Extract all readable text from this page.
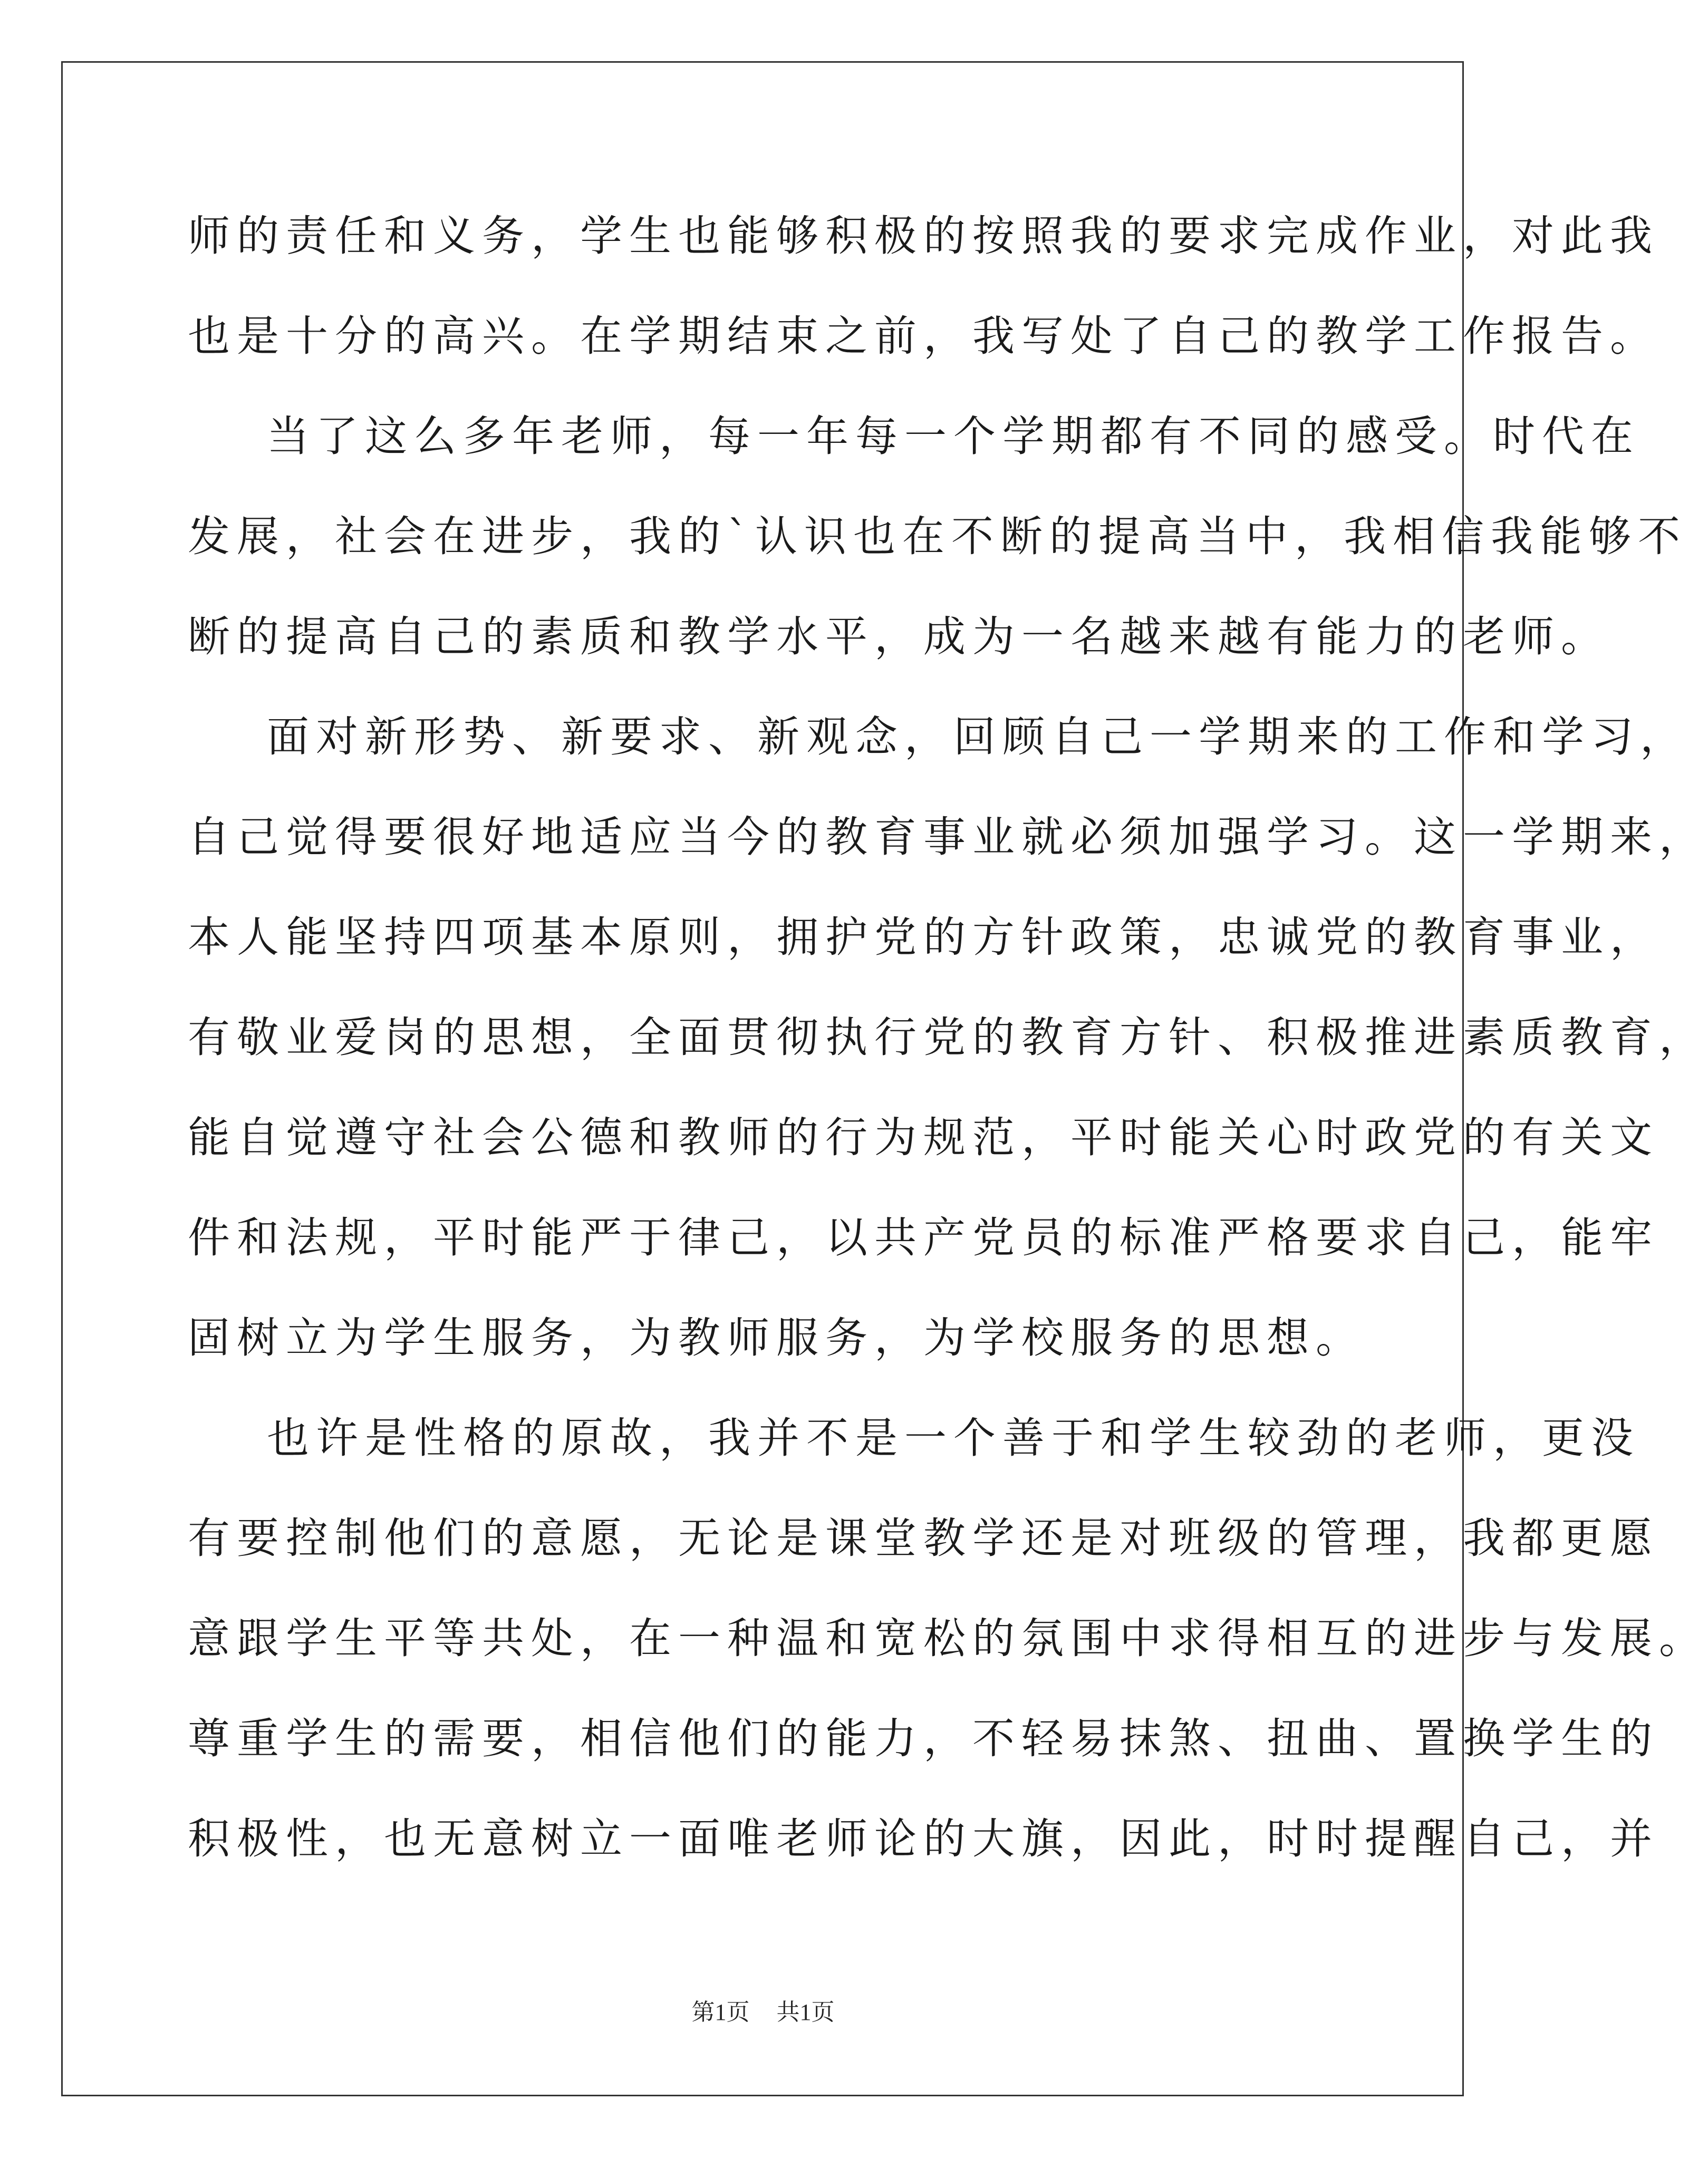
师的责任和义务，学生也能够积极的按照我的要求完成作业，对此我
也是十分的高兴。在学期结束之前，我写处了自己的教学工作报告。
当了这么多年老师，每一年每一个学期都有不同的感受。时代在
发展，社会在进步，我的`认识也在不断的提高当中，我相信我能够不
断的提高自己的素质和教学水平，成为一名越来越有能力的老师。
面对新形势、新要求、新观念，回顾自己一学期来的工作和学习，
自己觉得要很好地适应当今的教育事业就必须加强学习。这一学期来，
本人能坚持四项基本原则，拥护党的方针政策，忠诚党的教育事业，
有敬业爱岗的思想，全面贯彻执行党的教育方针、积极推进素质教育，
能自觉遵守社会公德和教师的行为规范，平时能关心时政党的有关文
件和法规，平时能严于律己，以共产党员的标准严格要求自己，能牢
固树立为学生服务，为教师服务，为学校服务的思想。
也许是性格的原故，我并不是一个善于和学生较劲的老师，更没
有要控制他们的意愿，无论是课堂教学还是对班级的管理，我都更愿
意跟学生平等共处，在一种温和宽松的氛围中求得相互的进步与发展。
尊重学生的需要，相信他们的能力，不轻易抹煞、扭曲、置换学生的
积极性，也无意树立一面唯老师论的大旗，因此，时时提醒自己，并
第1页 共1页
